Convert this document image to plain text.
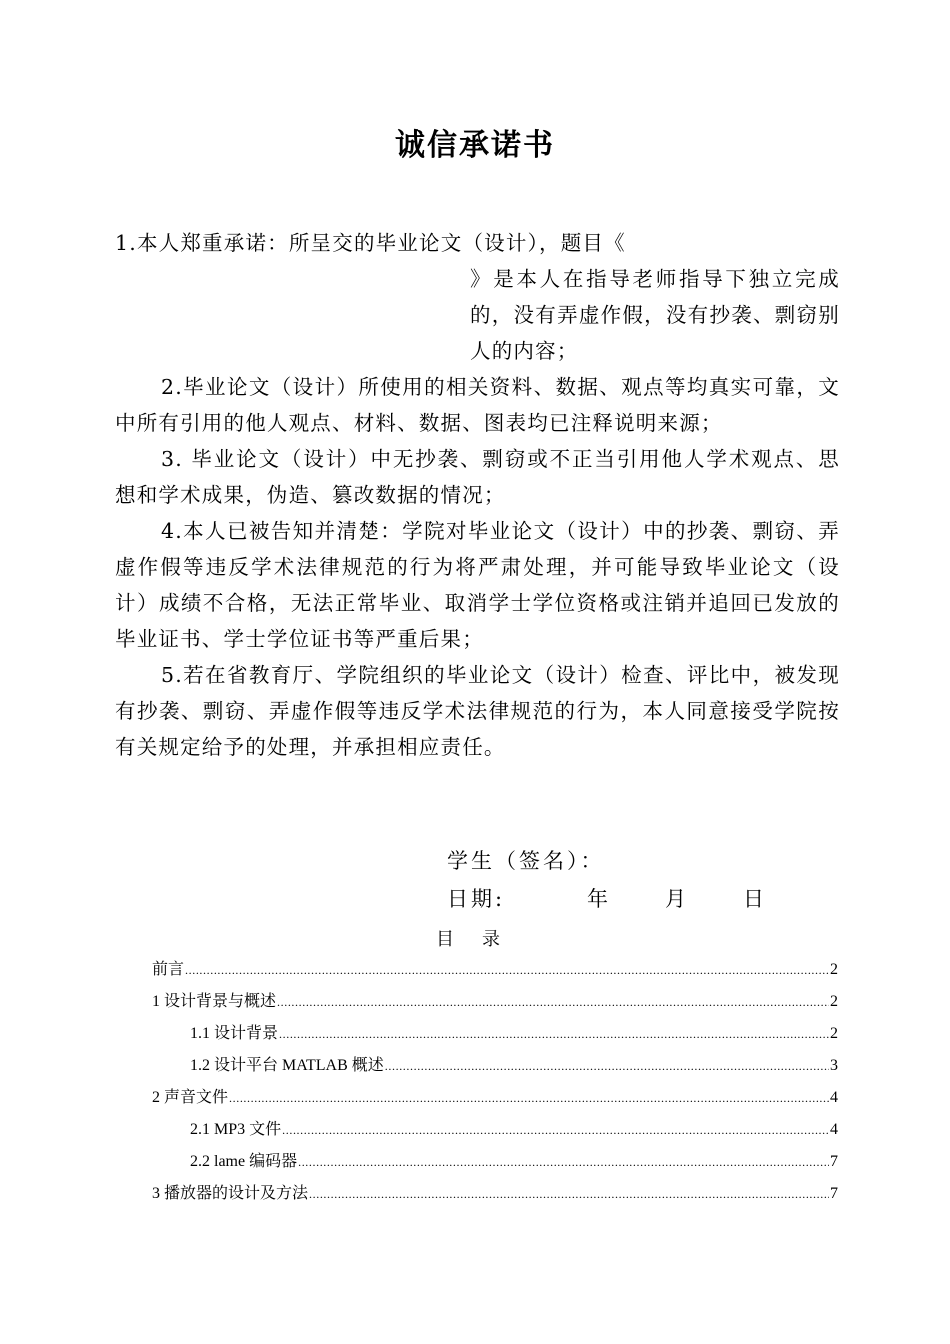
诚信承诺书

1.本人郑重承诺：所呈交的毕业论文（设计），题目《
》是本人在指导老师指导下独立完成的，没有弄虚作假，没有抄袭、剽窃别人的内容；

2.毕业论文（设计）所使用的相关资料、数据、观点等均真实可靠，文中所有引用的他人观点、材料、数据、图表均已注释说明来源；

3. 毕业论文（设计）中无抄袭、剽窃或不正当引用他人学术观点、思想和学术成果，伪造、篡改数据的情况；

4.本人已被告知并清楚：学院对毕业论文（设计）中的抄袭、剽窃、弄虚作假等违反学术法律规范的行为将严肃处理，并可能导致毕业论文（设计）成绩不合格，无法正常毕业、取消学士学位资格或注销并追回已发放的毕业证书、学士学位证书等严重后果；

5.若在省教育厅、学院组织的毕业论文（设计）检查、评比中，被发现有抄袭、剽窃、弄虚作假等违反学术法律规范的行为，本人同意接受学院按有关规定给予的处理，并承担相应责任。

学生（签名）：
日期:	年	月	日
目录
前言 .....	2
1 设计背景与概述 .....	2
1.1 设计背景 .....	2
1.2 设计平台 MATLAB 概述 .....	3
2 声音文件 .....	4
2.1 MP3 文件 .....	4
2.2 lame 编码器 .....	7
3 播放器的设计及方法 .....	7
